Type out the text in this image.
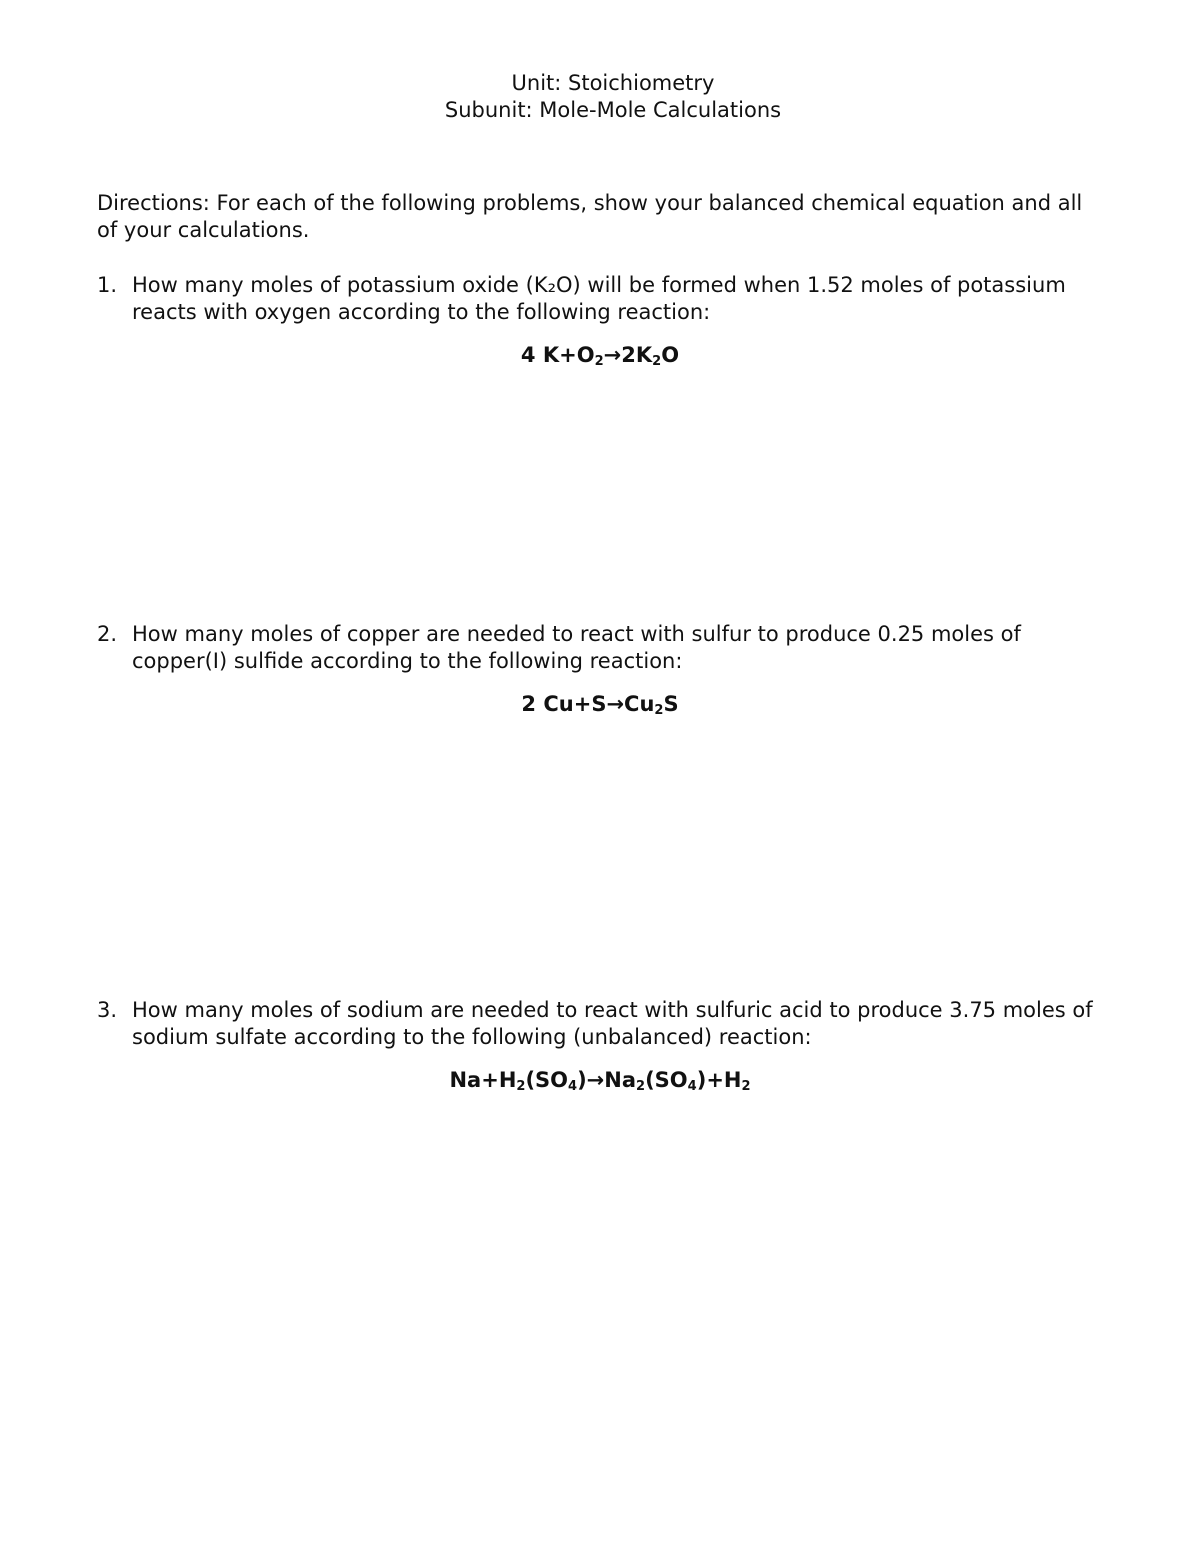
Unit: Stoichiometry
Subunit: Mole-Mole Calculations
Directions: For each of the following problems, show your balanced chemical equation and all of your calculations.
1. How many moles of potassium oxide (K₂O) will be formed when 1.52 moles of potassium reacts with oxygen according to the following reaction:
4 $K+O_2\to 2K_2O$
2. How many moles of copper are needed to react with sulfur to produce 0.25 moles of copper(I) sulfide according to the following reaction:
2 $Cu+S\to Cu_2S$
3. How many moles of sodium are needed to react with sulfuric acid to produce 3.75 moles of sodium sulfate according to the following (unbalanced) reaction:
$Na+H_2(SO_4)\to Na_2(SO_4)+H_2$
